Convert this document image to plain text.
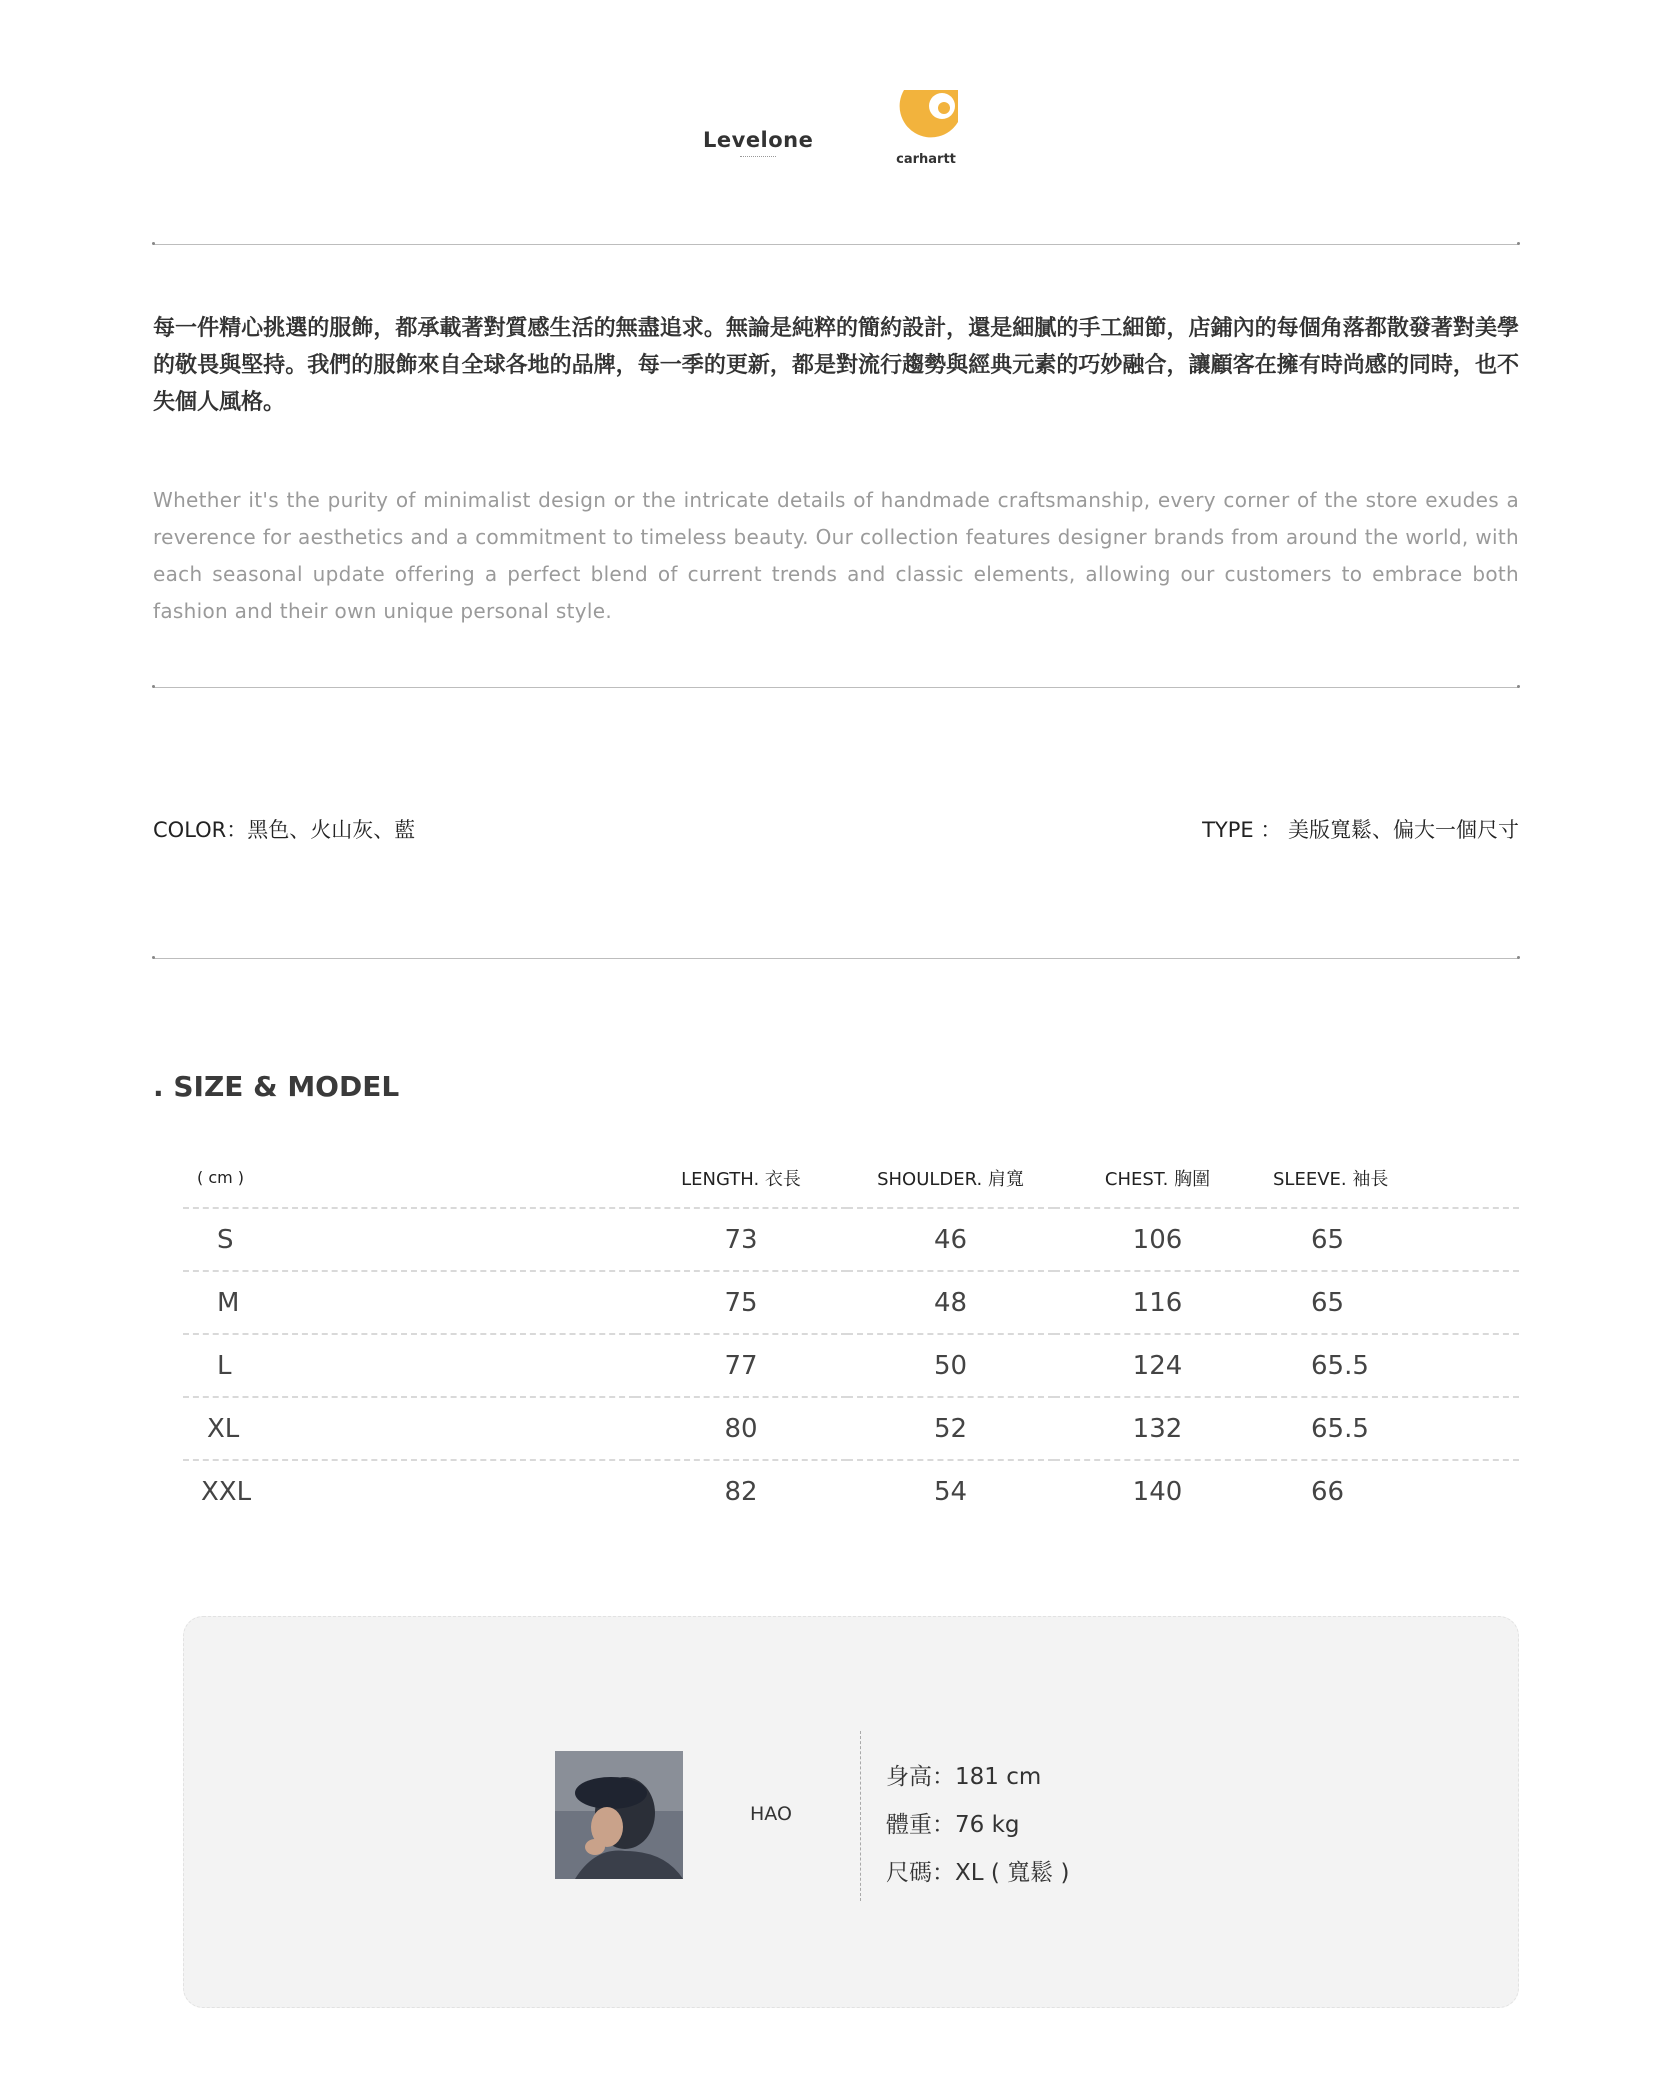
Levelone
carhartt

每一件精心挑選的服飾，都承載著對質感生活的無盡追求。無論是純粹的簡約設計，還是細膩的手工細節，店鋪內的每個角落都散發著對美學的敬畏與堅持。我們的服飾來自全球各地的品牌，每一季的更新，都是對流行趨勢與經典元素的巧妙融合，讓顧客在擁有時尚感的同時，也不失個人風格。

Whether it's the purity of minimalist design or the intricate details of handmade craftsmanship, every corner of the store exudes a reverence for aesthetics and a commitment to timeless beauty. Our collection features designer brands from around the world, with each seasonal update offering a perfect blend of current trends and classic elements, allowing our customers to embrace both fashion and their own unique personal style.

COLOR：黑色、火山灰、藍	TYPE ： 美版寬鬆、偏大一個尺寸
. SIZE & MODEL
( cm )	LENGTH. 衣長	SHOULDER. 肩寬	CHEST. 胸圍	SLEEVE. 袖長
S	73	46	106	65
M	75	48	116	65
L	77	50	124	65.5
XL	80	52	132	65.5
XXL	82	54	140	66
HAO
身高：181 cm
體重：76 kg
尺碼：XL ( 寬鬆 )
